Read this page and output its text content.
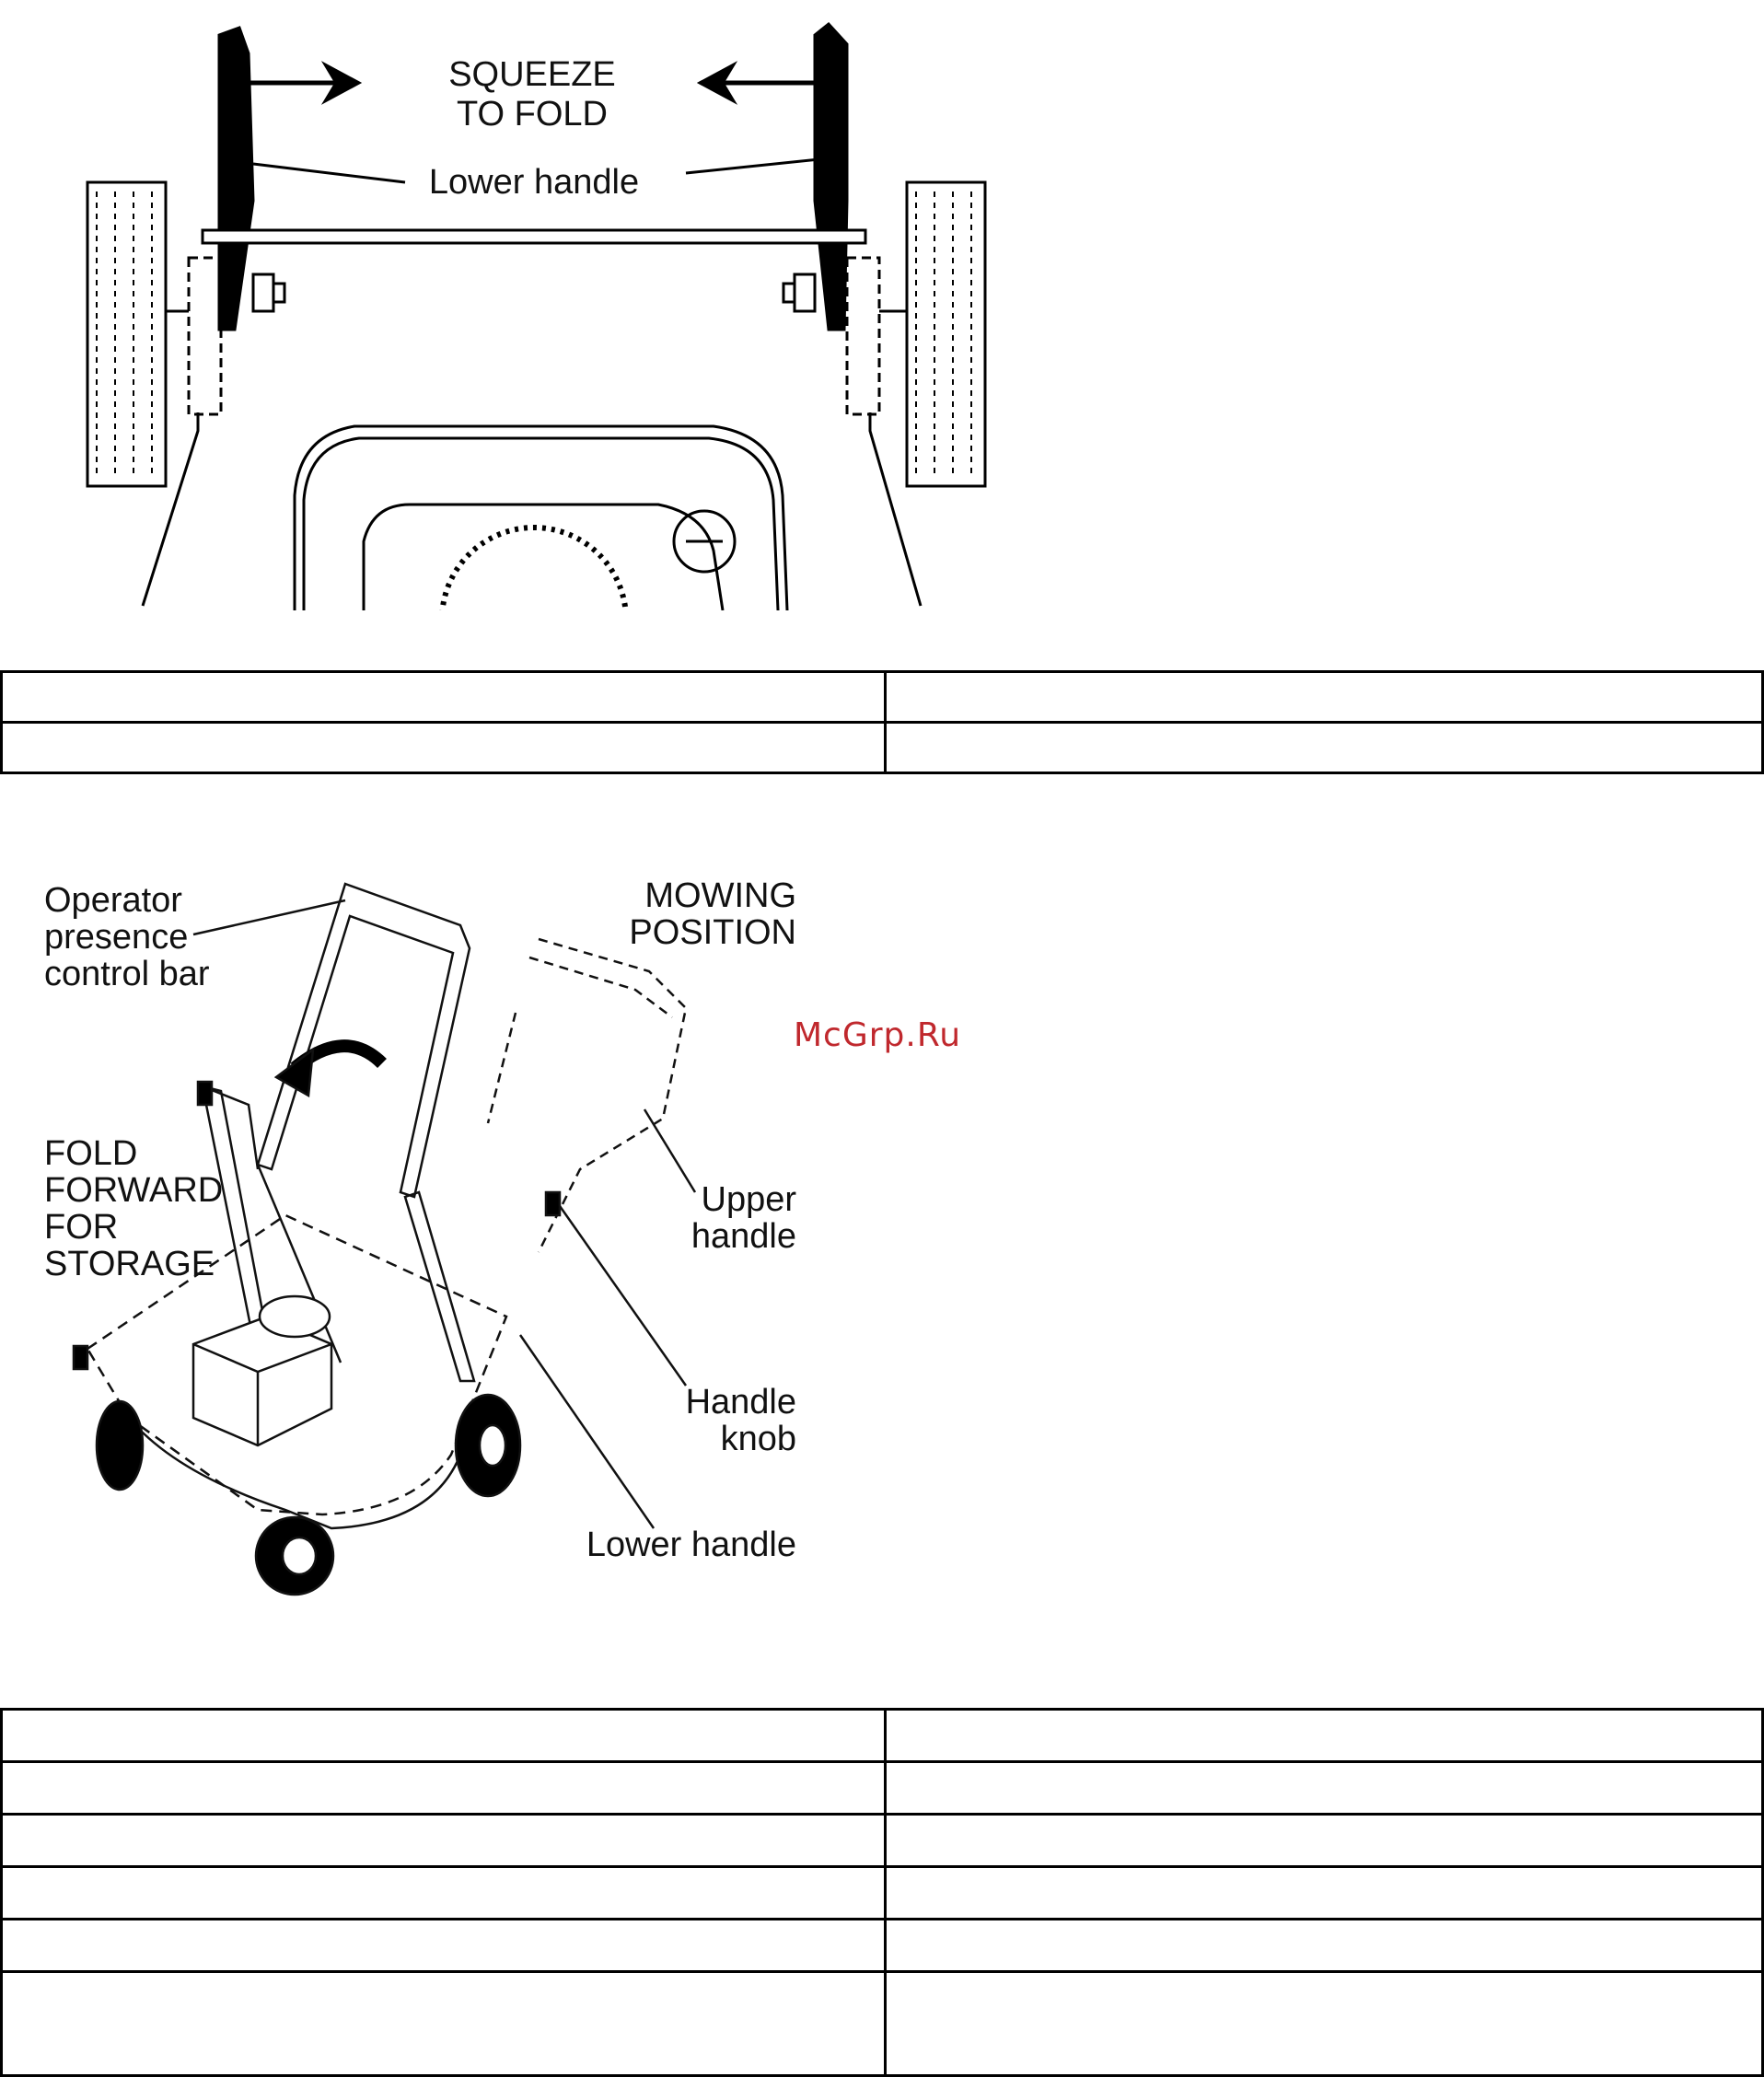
SQUEEZE
TO FOLD
Lower handle

Operator
presence
control bar
MOWING
POSITION
FOLD
FORWARD
FOR
STORAGE
Upper
handle
Handle
knob
Lower handle
McGrp.Ru
